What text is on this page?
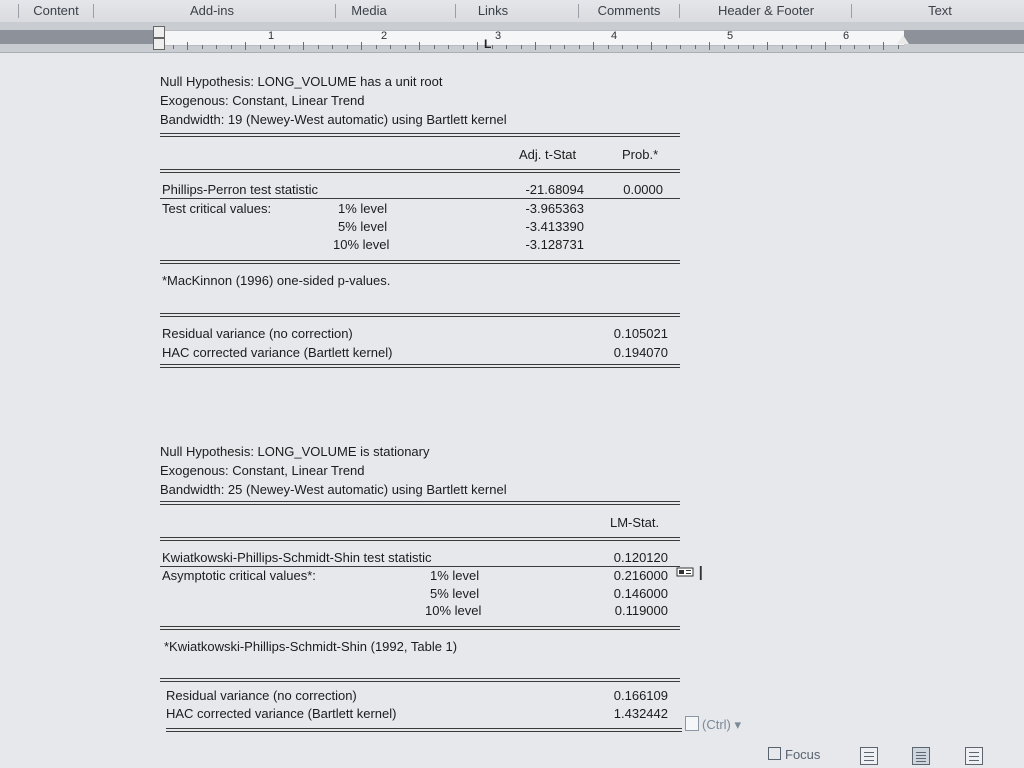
Content	Add-ins	Media	Links	Comments	Header & Footer	Text
L
1	2	3	4	5	6
Null Hypothesis: LONG_VOLUME has a unit root
Exogenous: Constant, Linear Trend
Bandwidth: 19 (Newey-West automatic) using Bartlett kernel
Adj. t-Stat	Prob.*
Phillips-Perron test statistic	-21.68094	0.0000
Test critical values:	1% level	-3.965363
5% level	-3.413390
10% level	-3.128731
*MacKinnon (1996) one-sided p-values.
Residual variance (no correction)	0.105021
HAC corrected variance (Bartlett kernel)	0.194070
Null Hypothesis: LONG_VOLUME is stationary
Exogenous: Constant, Linear Trend
Bandwidth: 25 (Newey-West automatic) using Bartlett kernel
LM-Stat.
Kwiatkowski-Phillips-Schmidt-Shin test statistic	0.120120
Asymptotic critical values*:	1% level	0.216000
5% level	0.146000
10% level	0.119000
*Kwiatkowski-Phillips-Schmidt-Shin (1992, Table 1)
Residual variance (no correction)	0.166109
HAC corrected variance (Bartlett kernel)	1.432442
I
(Ctrl) ▾
Focus
